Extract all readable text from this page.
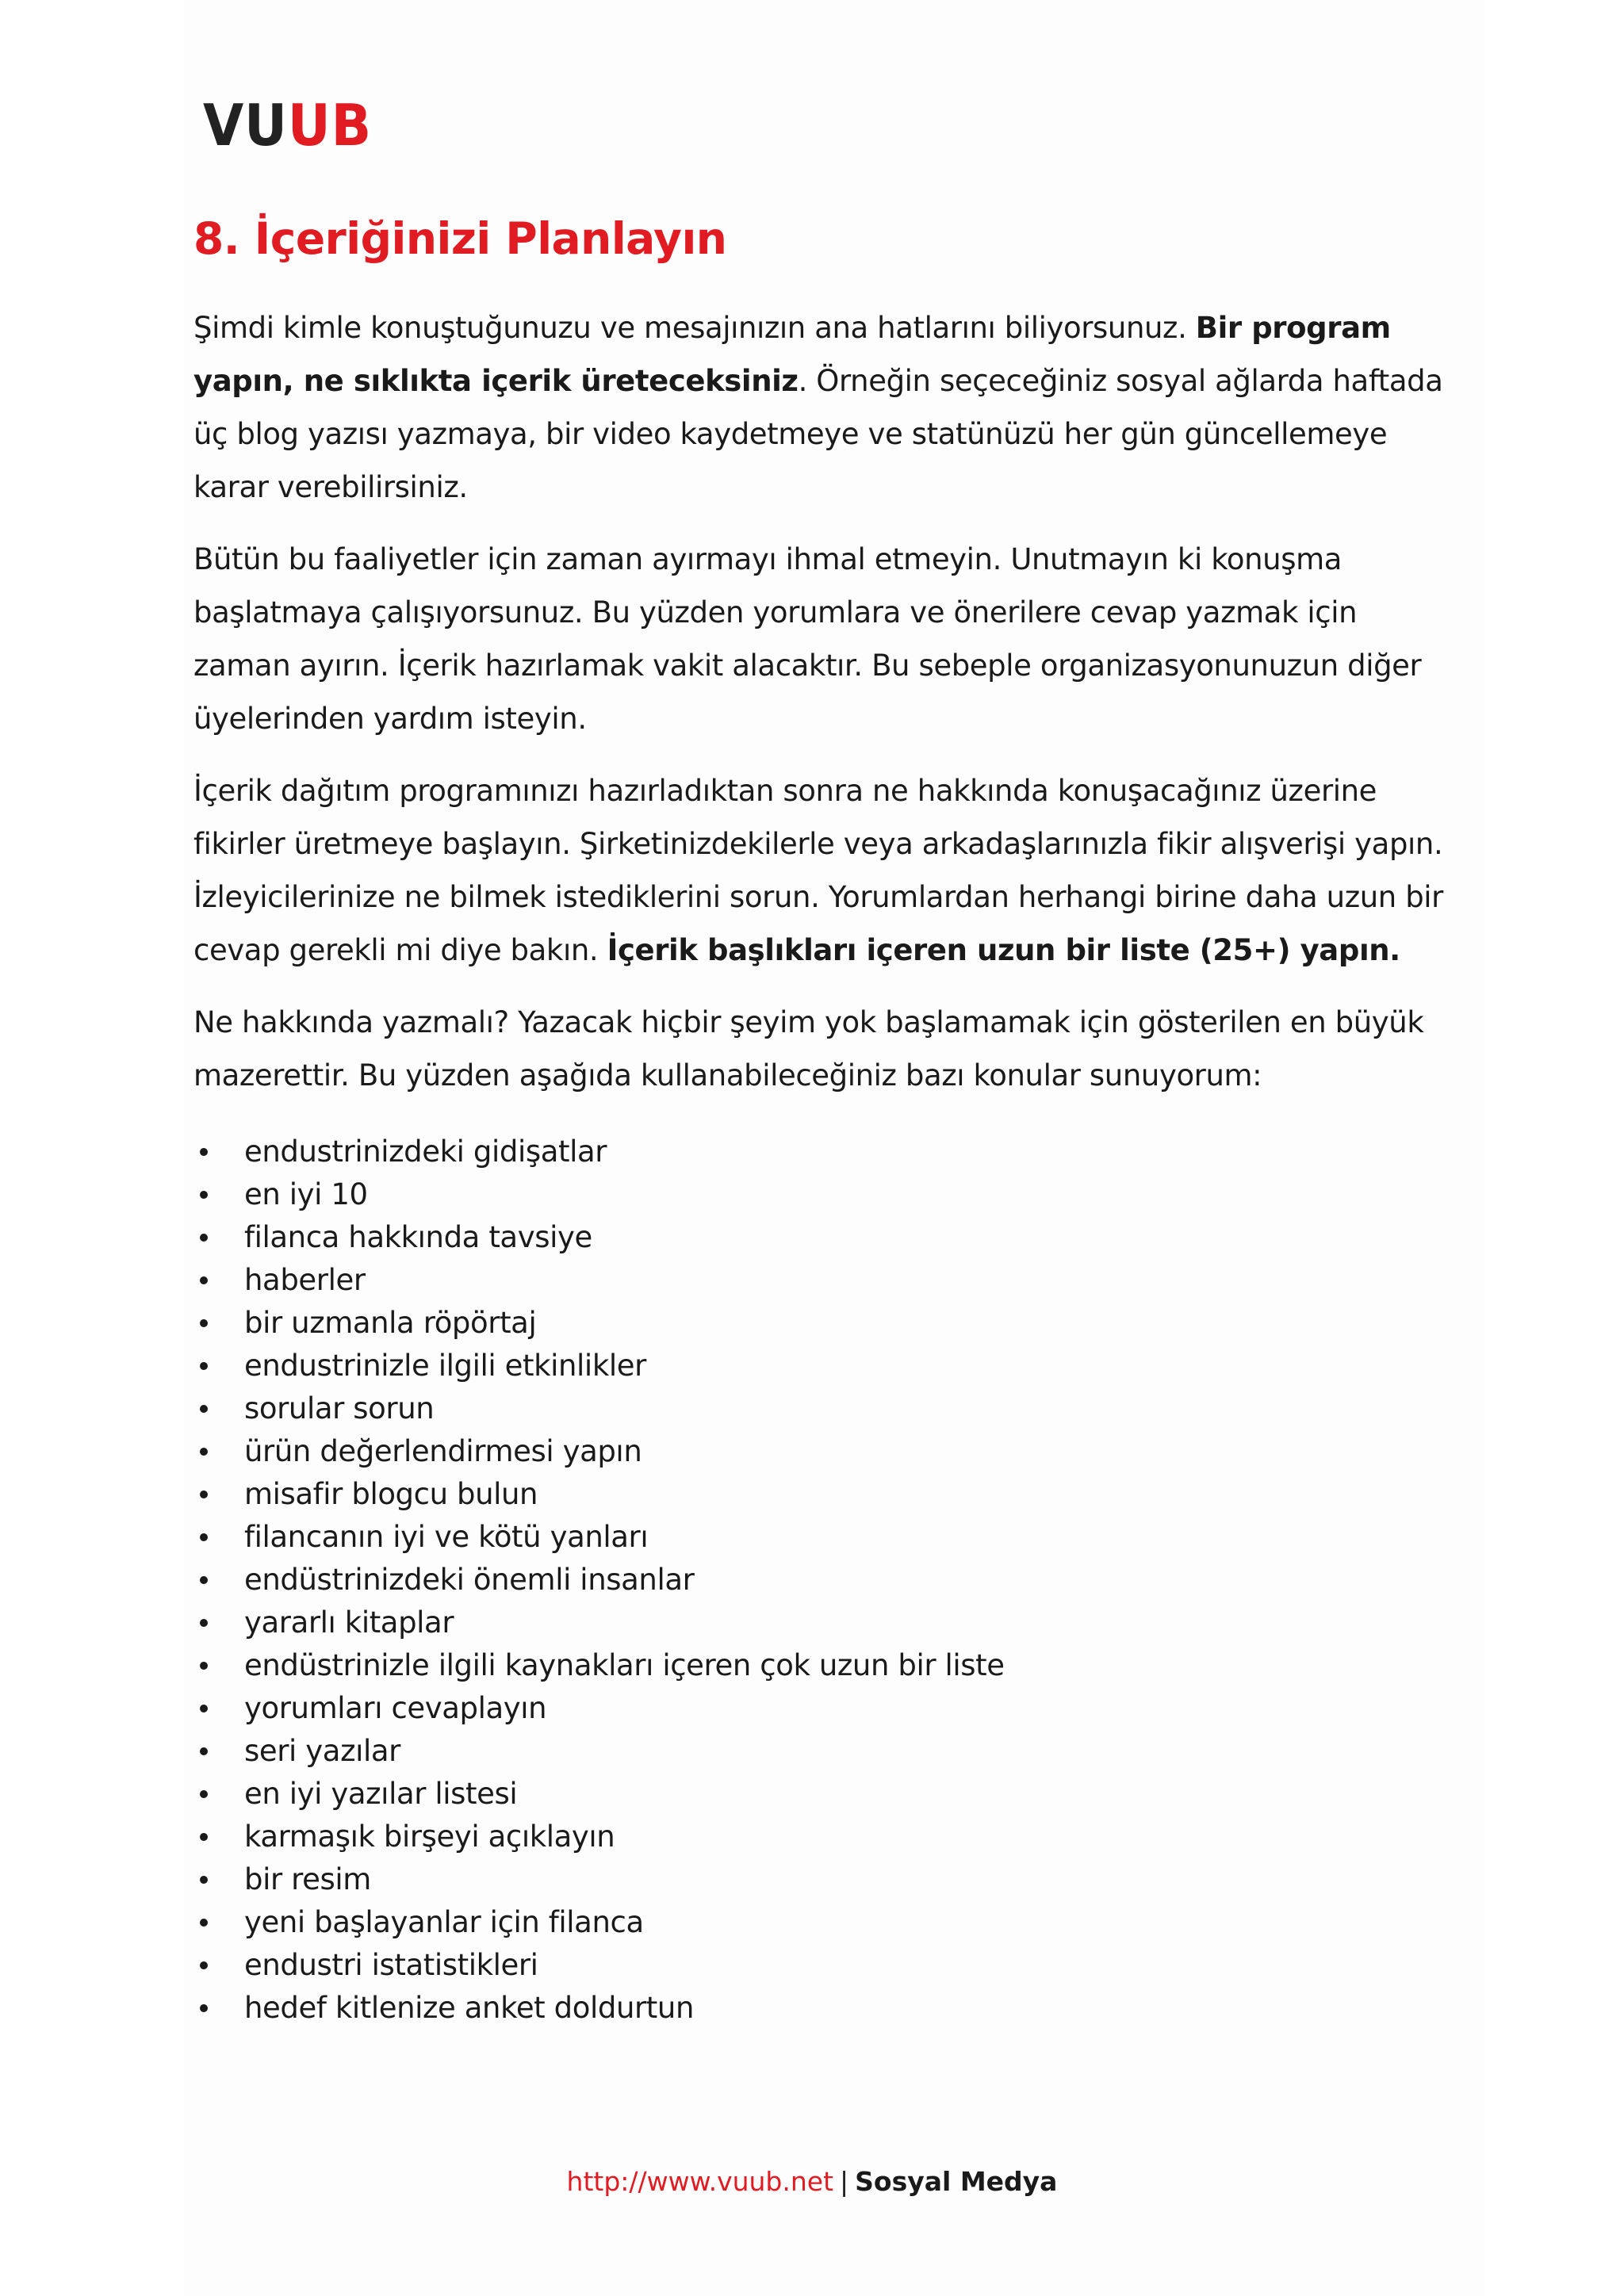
VUUB
8. İçeriğinizi Planlayın

Şimdi kimle konuştuğunuzu ve mesajınızın ana hatlarını biliyorsunuz. Bir program yapın, ne sıklıkta içerik üreteceksiniz. Örneğin seçeceğiniz sosyal ağlarda haftada üç blog yazısı yazmaya, bir video kaydetmeye ve statünüzü her gün güncellemeye karar verebilirsiniz.

Bütün bu faaliyetler için zaman ayırmayı ihmal etmeyin. Unutmayın ki konuşma başlatmaya çalışıyorsunuz. Bu yüzden yorumlara ve önerilere cevap yazmak için zaman ayırın. İçerik hazırlamak vakit alacaktır. Bu sebeple organizasyonunuzun diğer üyelerinden yardım isteyin.

İçerik dağıtım programınızı hazırladıktan sonra ne hakkında konuşacağınız üzerine fikirler üretmeye başlayın. Şirketinizdekilerle veya arkadaşlarınızla fikir alışverişi yapın. İzleyicilerinize ne bilmek istediklerini sorun. Yorumlardan herhangi birine daha uzun bir cevap gerekli mi diye bakın. İçerik başlıkları içeren uzun bir liste (25+) yapın.

Ne hakkında yazmalı? Yazacak hiçbir şeyim yok başlamamak için gösterilen en büyük mazerettir. Bu yüzden aşağıda kullanabileceğiniz bazı konular sunuyorum:

endustrinizdeki gidişatlar
en iyi 10
filanca hakkında tavsiye
haberler
bir uzmanla röpörtaj
endustrinizle ilgili etkinlikler
sorular sorun
ürün değerlendirmesi yapın
misafir blogcu bulun
filancanın iyi ve kötü yanları
endüstrinizdeki önemli insanlar
yararlı kitaplar
endüstrinizle ilgili kaynakları içeren çok uzun bir liste
yorumları cevaplayın
seri yazılar
en iyi yazılar listesi
karmaşık birşeyi açıklayın
bir resim
yeni başlayanlar için filanca
endustri istatistikleri
hedef kitlenize anket doldurtun
http://www.vuub.net | Sosyal Medya
